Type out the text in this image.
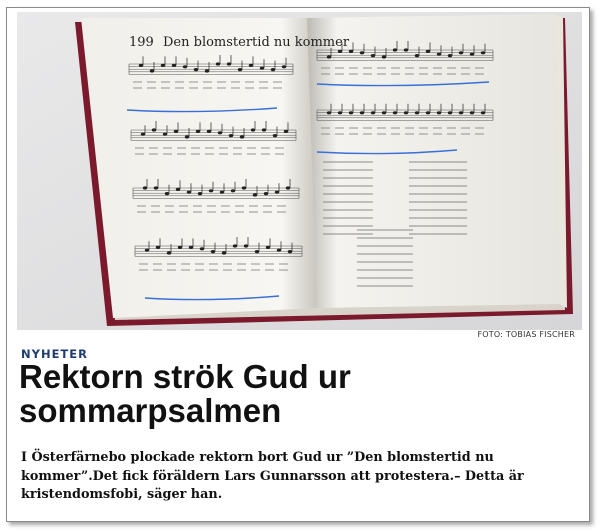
199 Den blomstertid nu kommer
FOTO: TOBIAS FISCHER
NYHETER
Rektorn strök Gud ur sommarpsalmen

I Österfärnebo plockade rektorn bort Gud ur ”Den blomstertid nu kommer”.Det fick föräldern Lars Gunnarsson att protestera.– Detta är kristendomsfobi, säger han.
